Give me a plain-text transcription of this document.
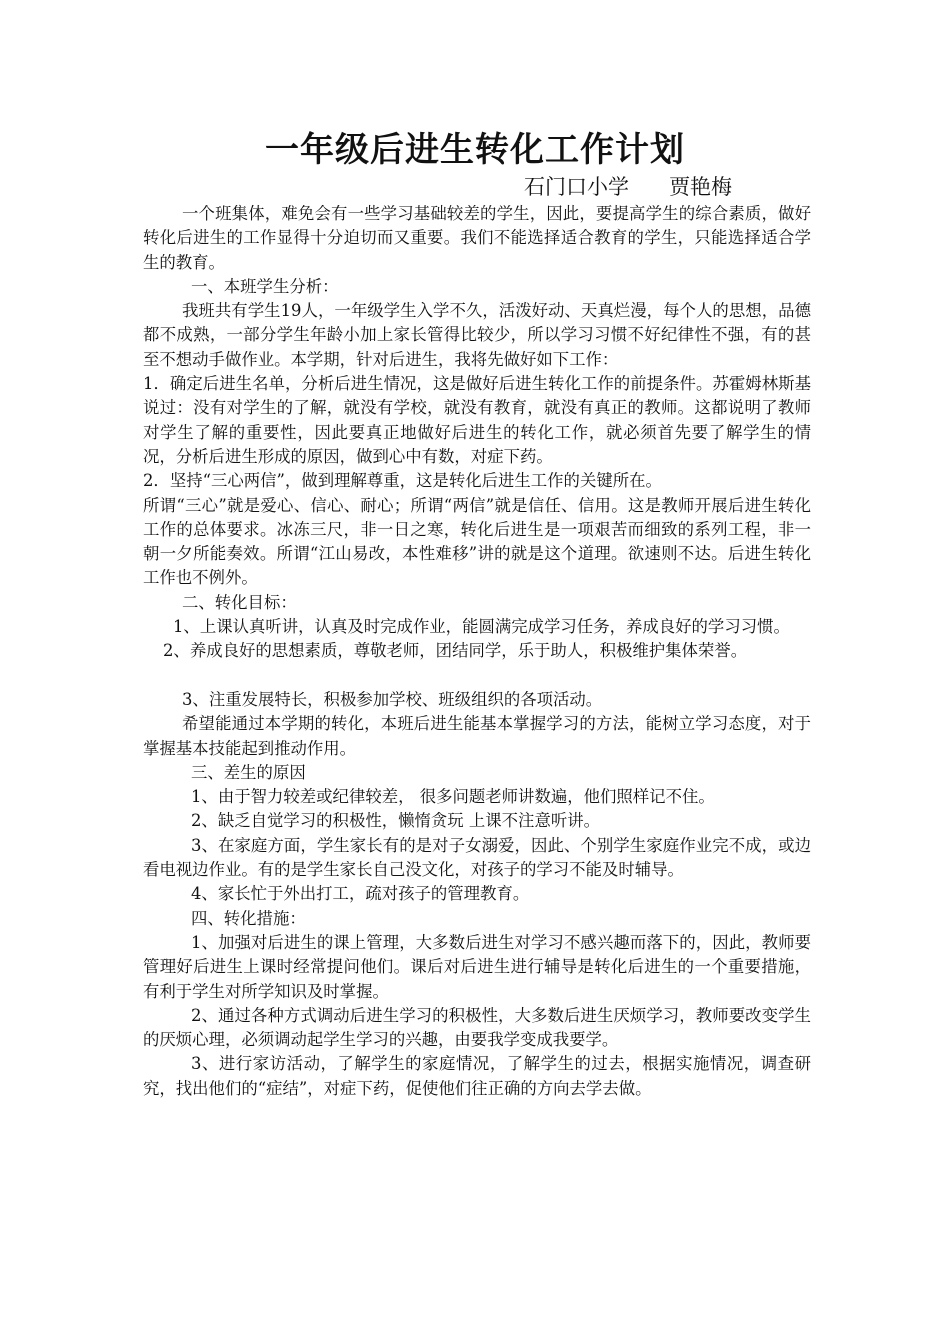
一年级后进生转化工作计划
石门口小学 贾艳梅

一个班集体，难免会有一些学习基础较差的学生，因此，要提高学生的综合素质，做好转化后进生的工作显得十分迫切而又重要。我们不能选择适合教育的学生，只能选择适合学生的教育。

一、本班学生分析：

我班共有学生19人，一年级学生入学不久，活泼好动、天真烂漫，每个人的思想，品德都不成熟，一部分学生年龄小加上家长管得比较少，所以学习习惯不好纪律性不强，有的甚至不想动手做作业。本学期，针对后进生，我将先做好如下工作：

1．确定后进生名单，分析后进生情况，这是做好后进生转化工作的前提条件。苏霍姆林斯基说过：没有对学生的了解，就没有学校，就没有教育，就没有真正的教师。这都说明了教师对学生了解的重要性，因此要真正地做好后进生的转化工作，就必须首先要了解学生的情况，分析后进生形成的原因，做到心中有数，对症下药。

2．坚持“三心两信”，做到理解尊重，这是转化后进生工作的关键所在。

所谓“三心”就是爱心、信心、耐心；所谓“两信”就是信任、信用。这是教师开展后进生转化工作的总体要求。冰冻三尺，非一日之寒，转化后进生是一项艰苦而细致的系列工程，非一朝一夕所能奏效。所谓“江山易改，本性难移”讲的就是这个道理。欲速则不达。后进生转化工作也不例外。

二、转化目标：

1、上课认真听讲，认真及时完成作业，能圆满完成学习任务，养成良好的学习习惯。

2、养成良好的思想素质，尊敬老师，团结同学，乐于助人，积极维护集体荣誉。

3、注重发展特长，积极参加学校、班级组织的各项活动。

希望能通过本学期的转化，本班后进生能基本掌握学习的方法，能树立学习态度，对于掌握基本技能起到推动作用。

三、差生的原因

1、由于智力较差或纪律较差， 很多问题老师讲数遍，他们照样记不住。

2、缺乏自觉学习的积极性，懒惰贪玩 上课不注意听讲。

3、在家庭方面，学生家长有的是对子女溺爱，因此、个别学生家庭作业完不成，或边看电视边作业。有的是学生家长自己没文化，对孩子的学习不能及时辅导。

4、家长忙于外出打工，疏对孩子的管理教育。

四、转化措施：

1、加强对后进生的课上管理，大多数后进生对学习不感兴趣而落下的，因此，教师要管理好后进生上课时经常提问他们。课后对后进生进行辅导是转化后进生的一个重要措施，有利于学生对所学知识及时掌握。

2、通过各种方式调动后进生学习的积极性，大多数后进生厌烦学习，教师要改变学生的厌烦心理，必须调动起学生学习的兴趣，由要我学变成我要学。

3、进行家访活动，了解学生的家庭情况，了解学生的过去，根据实施情况，调查研究，找出他们的“症结”，对症下药，促使他们往正确的方向去学去做。
